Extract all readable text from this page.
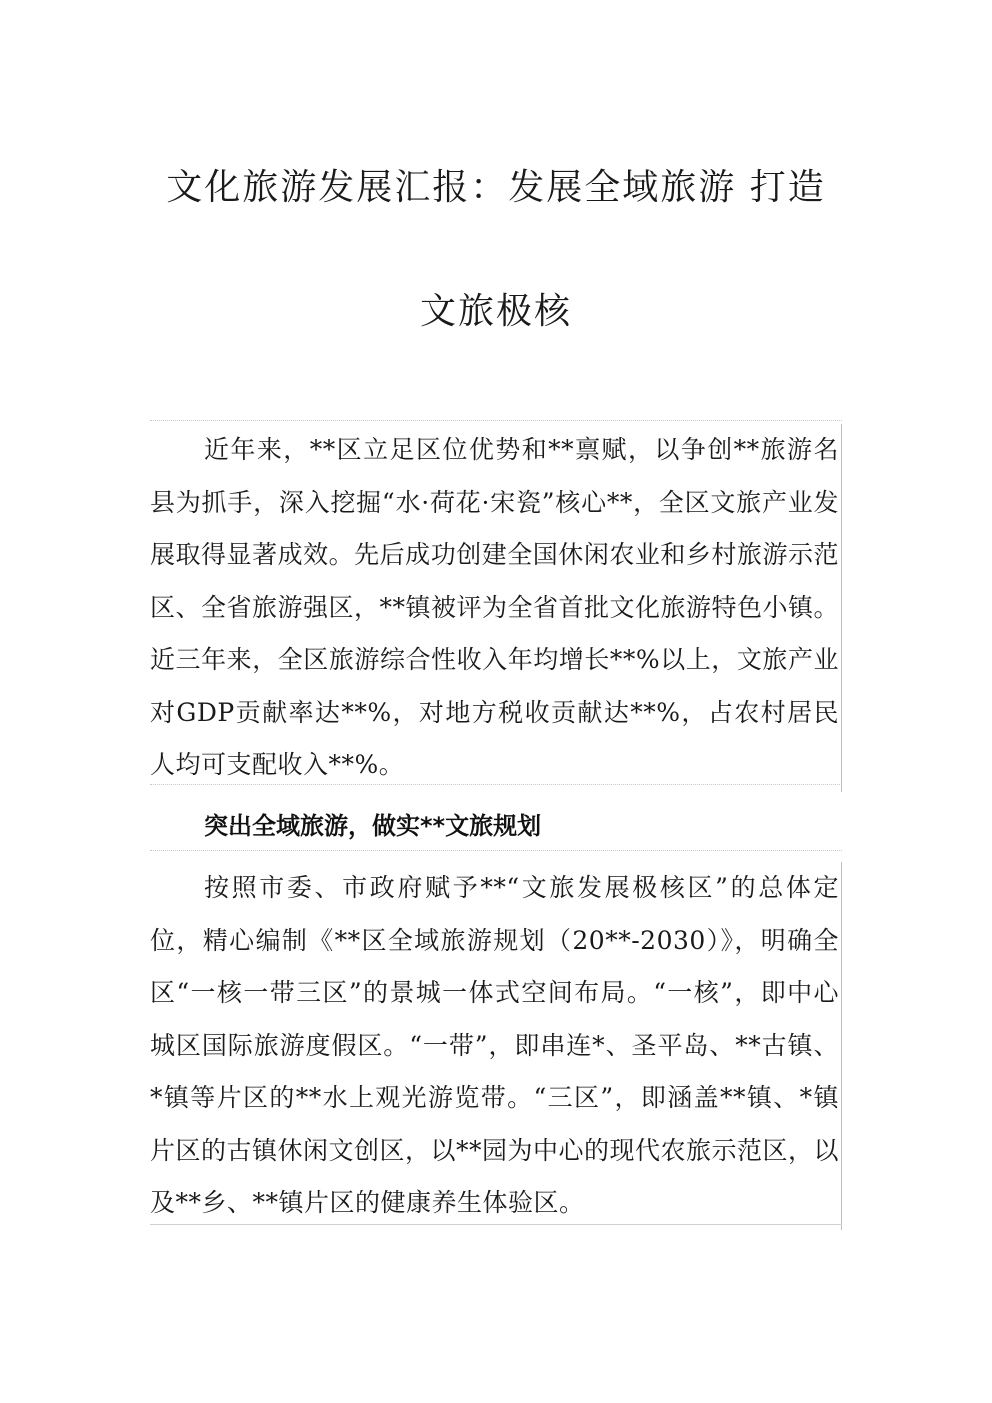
文化旅游发展汇报：发展全域旅游 打造
文旅极核

近年来，**区立足区位优势和**禀赋，以争创**旅游名县为抓手，深入挖掘“水·荷花·宋瓷”核心**，全区文旅产业发展取得显著成效。先后成功创建全国休闲农业和乡村旅游示范区、全省旅游强区，**镇被评为全省首批文化旅游特色小镇。近三年来，全区旅游综合性收入年均增长**%以上，文旅产业对GDP贡献率达**%，对地方税收贡献达**%，占农村居民人均可支配收入**%。

突出全域旅游，做实**文旅规划

按照市委、市政府赋予**“文旅发展极核区”的总体定位，精心编制《**区全域旅游规划（20**-2030）》，明确全区“一核一带三区”的景城一体式空间布局。“一核”，即中心城区国际旅游度假区。“一带”，即串连*、圣平岛、**古镇、*镇等片区的**水上观光游览带。“三区”，即涵盖**镇、*镇片区的古镇休闲文创区，以**园为中心的现代农旅示范区，以及**乡、**镇片区的健康养生体验区。
